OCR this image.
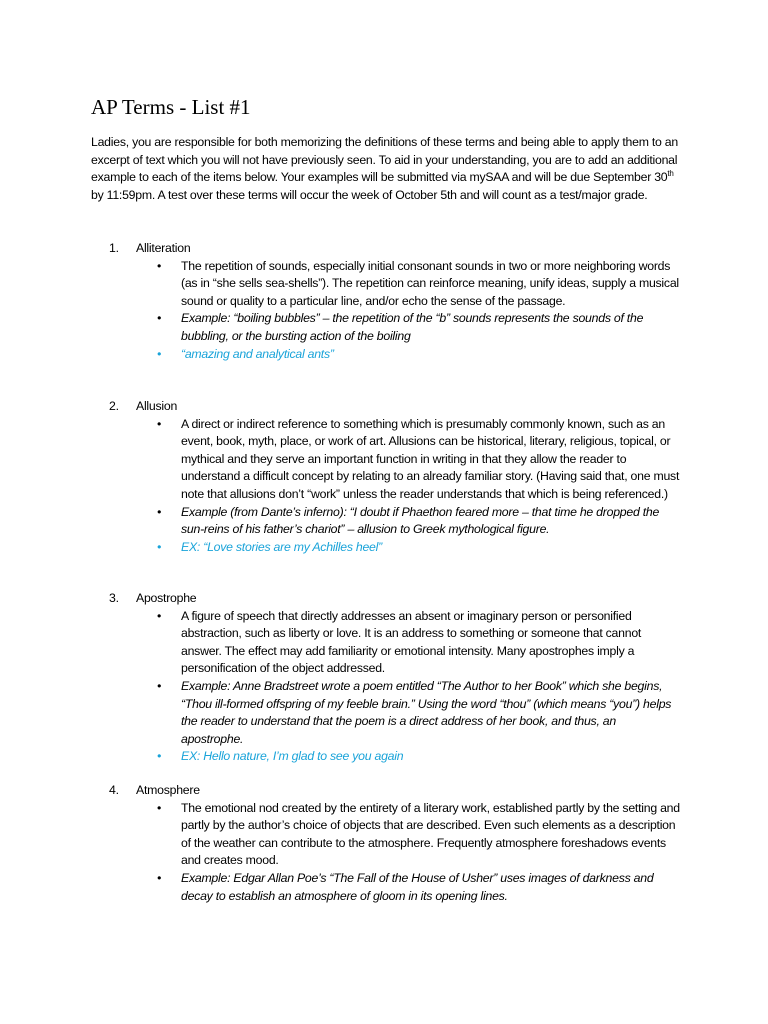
AP Terms - List #1

Ladies, you are responsible for both memorizing the definitions of these terms and being able to apply them to an excerpt of text which you will not have previously seen. To aid in your understanding, you are to add an additional example to each of the items below. Your examples will be submitted via mySAA and will be due September 30th by 11:59pm. A test over these terms will occur the week of October 5th and will count as a test/major grade.

1. Alliteration
•	The repetition of sounds, especially initial consonant sounds in two or more neighboring words (as in “she sells sea-shells”). The repetition can reinforce meaning, unify ideas, supply a musical sound or quality to a particular line, and/or echo the sense of the passage.
•	Example: “boiling bubbles” – the repetition of the “b” sounds represents the sounds of the bubbling, or the bursting action of the boiling
•	“amazing and analytical ants”
2. Allusion
•	A direct or indirect reference to something which is presumably commonly known, such as an event, book, myth, place, or work of art. Allusions can be historical, literary, religious, topical, or mythical and they serve an important function in writing in that they allow the reader to understand a difficult concept by relating to an already familiar story. (Having said that, one must note that allusions don’t “work” unless the reader understands that which is being referenced.)
•	Example (from Dante’s inferno): “I doubt if Phaethon feared more – that time he dropped the sun-reins of his father’s chariot” – allusion to Greek mythological figure.
•	EX: “Love stories are my Achilles heel”
3. Apostrophe
•	A figure of speech that directly addresses an absent or imaginary person or personified abstraction, such as liberty or love. It is an address to something or someone that cannot answer. The effect may add familiarity or emotional intensity. Many apostrophes imply a personification of the object addressed.
•	Example: Anne Bradstreet wrote a poem entitled “The Author to her Book” which she begins, “Thou ill-formed offspring of my feeble brain.” Using the word “thou” (which means “you”) helps the reader to understand that the poem is a direct address of her book, and thus, an apostrophe.
•	EX: Hello nature, I’m glad to see you again
4. Atmosphere
•	The emotional nod created by the entirety of a literary work, established partly by the setting and partly by the author’s choice of objects that are described. Even such elements as a description of the weather can contribute to the atmosphere. Frequently atmosphere foreshadows events and creates mood.
•	Example: Edgar Allan Poe’s “The Fall of the House of Usher” uses images of darkness and decay to establish an atmosphere of gloom in its opening lines.
